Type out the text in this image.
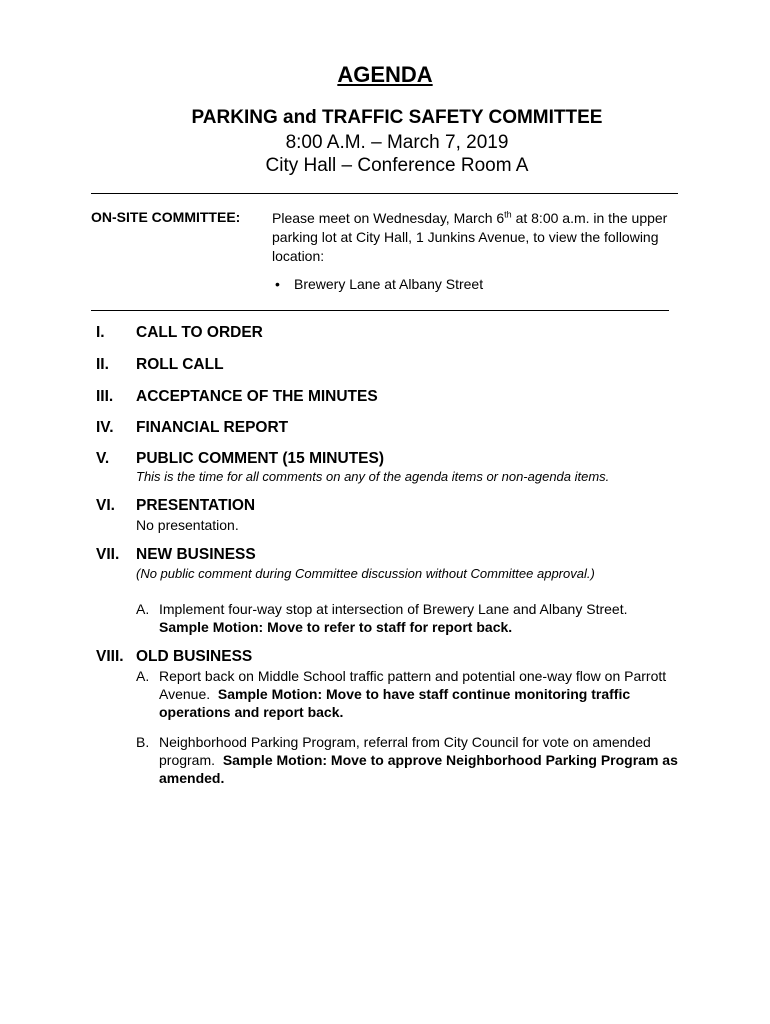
AGENDA
PARKING and TRAFFIC SAFETY COMMITTEE
8:00 A.M. – March 7, 2019
City Hall – Conference Room A
ON-SITE COMMITTEE: Please meet on Wednesday, March 6th at 8:00 a.m. in the upper parking lot at City Hall, 1 Junkins Avenue, to view the following location:
• Brewery Lane at Albany Street
I. CALL TO ORDER
II. ROLL CALL
III. ACCEPTANCE OF THE MINUTES
IV. FINANCIAL REPORT
V. PUBLIC COMMENT (15 MINUTES)
This is the time for all comments on any of the agenda items or non-agenda items.
VI. PRESENTATION
No presentation.
VII. NEW BUSINESS
(No public comment during Committee discussion without Committee approval.)
A. Implement four-way stop at intersection of Brewery Lane and Albany Street.
Sample Motion: Move to refer to staff for report back.
VIII. OLD BUSINESS
A. Report back on Middle School traffic pattern and potential one-way flow on Parrott Avenue. Sample Motion: Move to have staff continue monitoring traffic operations and report back.
B. Neighborhood Parking Program, referral from City Council for vote on amended program. Sample Motion: Move to approve Neighborhood Parking Program as amended.
